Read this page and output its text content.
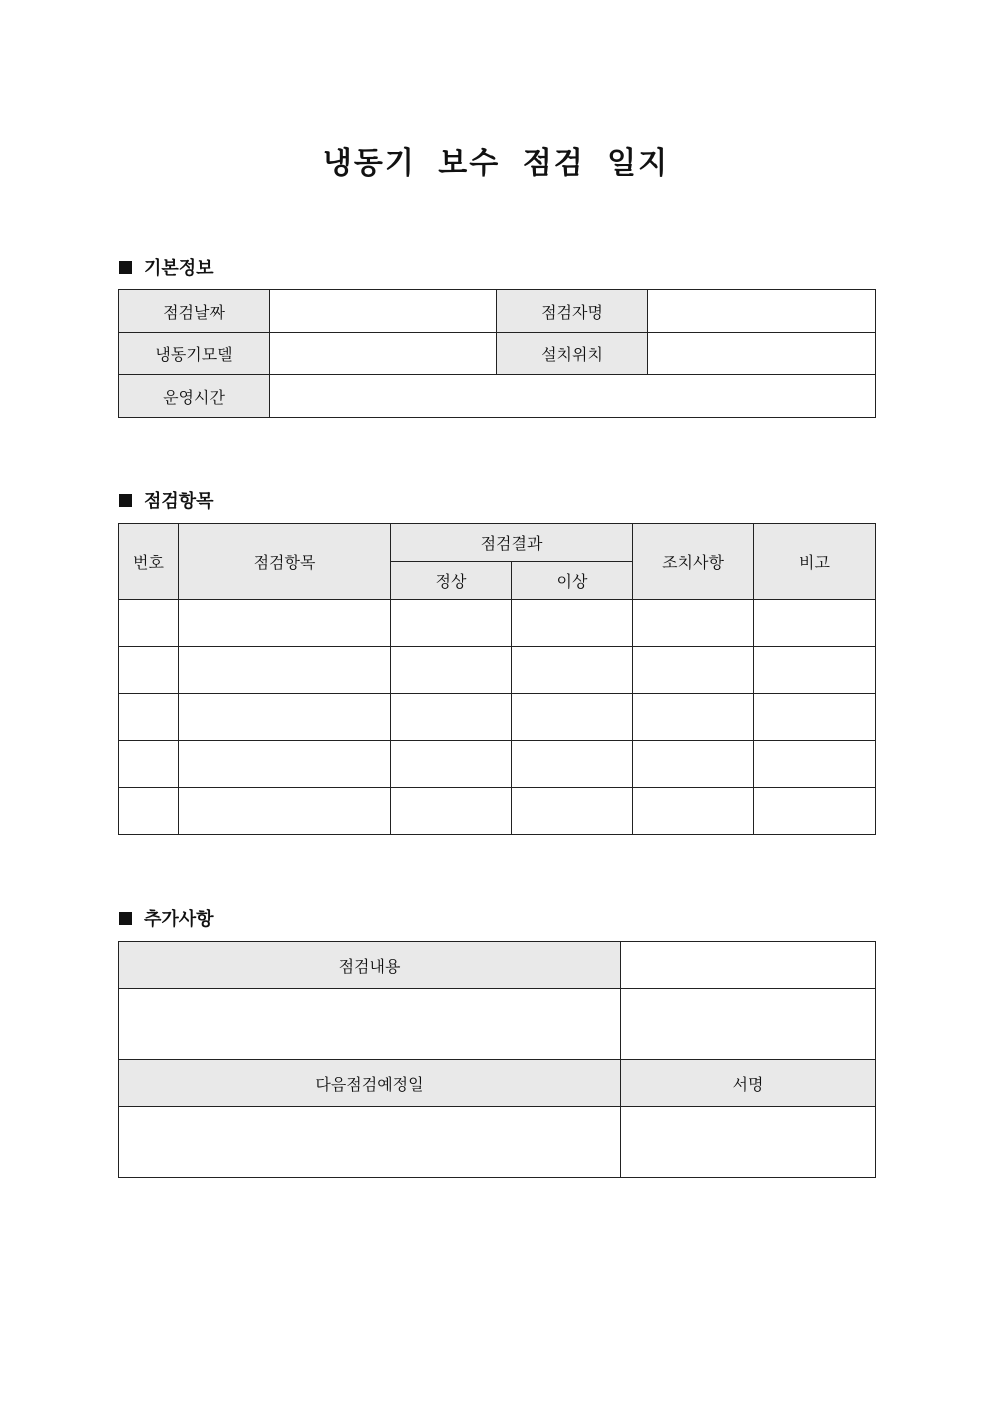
냉동기 보수 점검 일지
기본정보
점검날짜		점검자명	
냉동기모델		설치위치	
운영시간			
점검항목
번호	점검항목	점검결과		조치사항	비고
		정상	이상		

추가사항
점검내용	

다음점검예정일	서명
